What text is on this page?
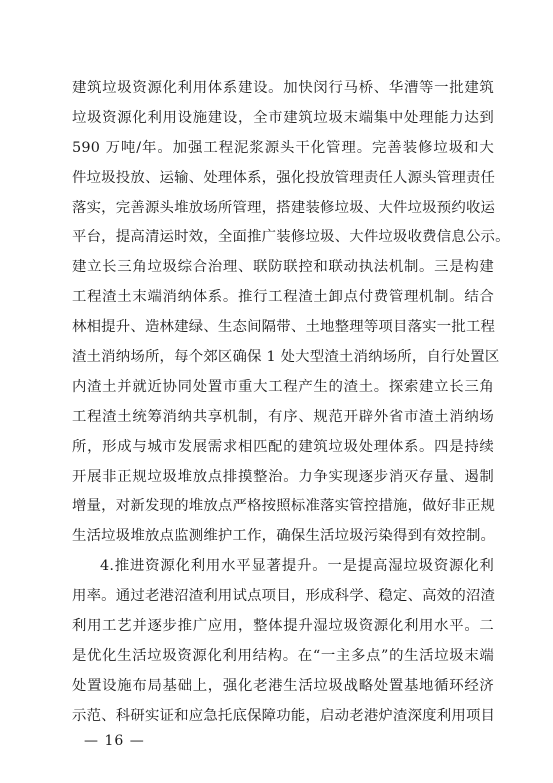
建筑垃圾资源化利用体系建设。加快闵行马桥、华漕等一批建筑
垃圾资源化利用设施建设，全市建筑垃圾末端集中处理能力达到
590 万吨/年。加强工程泥浆源头干化管理。完善装修垃圾和大
件垃圾投放、运输、处理体系，强化投放管理责任人源头管理责任
落实，完善源头堆放场所管理，搭建装修垃圾、大件垃圾预约收运
平台，提高清运时效，全面推广装修垃圾、大件垃圾收费信息公示。
建立长三角垃圾综合治理、联防联控和联动执法机制。三是构建
工程渣土末端消纳体系。推行工程渣土卸点付费管理机制。结合
林相提升、造林建绿、生态间隔带、土地整理等项目落实一批工程
渣土消纳场所，每个郊区确保 1 处大型渣土消纳场所，自行处置区
内渣土并就近协同处置市重大工程产生的渣土。探索建立长三角
工程渣土统筹消纳共享机制，有序、规范开辟外省市渣土消纳场
所，形成与城市发展需求相匹配的建筑垃圾处理体系。四是持续
开展非正规垃圾堆放点排摸整治。力争实现逐步消灭存量、遏制
增量，对新发现的堆放点严格按照标准落实管控措施，做好非正规
生活垃圾堆放点监测维护工作，确保生活垃圾污染得到有效控制。
4.推进资源化利用水平显著提升。一是提高湿垃圾资源化利
用率。通过老港沼渣利用试点项目，形成科学、稳定、高效的沼渣
利用工艺并逐步推广应用，整体提升湿垃圾资源化利用水平。二
是优化生活垃圾资源化利用结构。在“一主多点”的生活垃圾末端
处置设施布局基础上，强化老港生活垃圾战略处置基地循环经济
示范、科研实证和应急托底保障功能，启动老港炉渣深度利用项目
— 16 —
